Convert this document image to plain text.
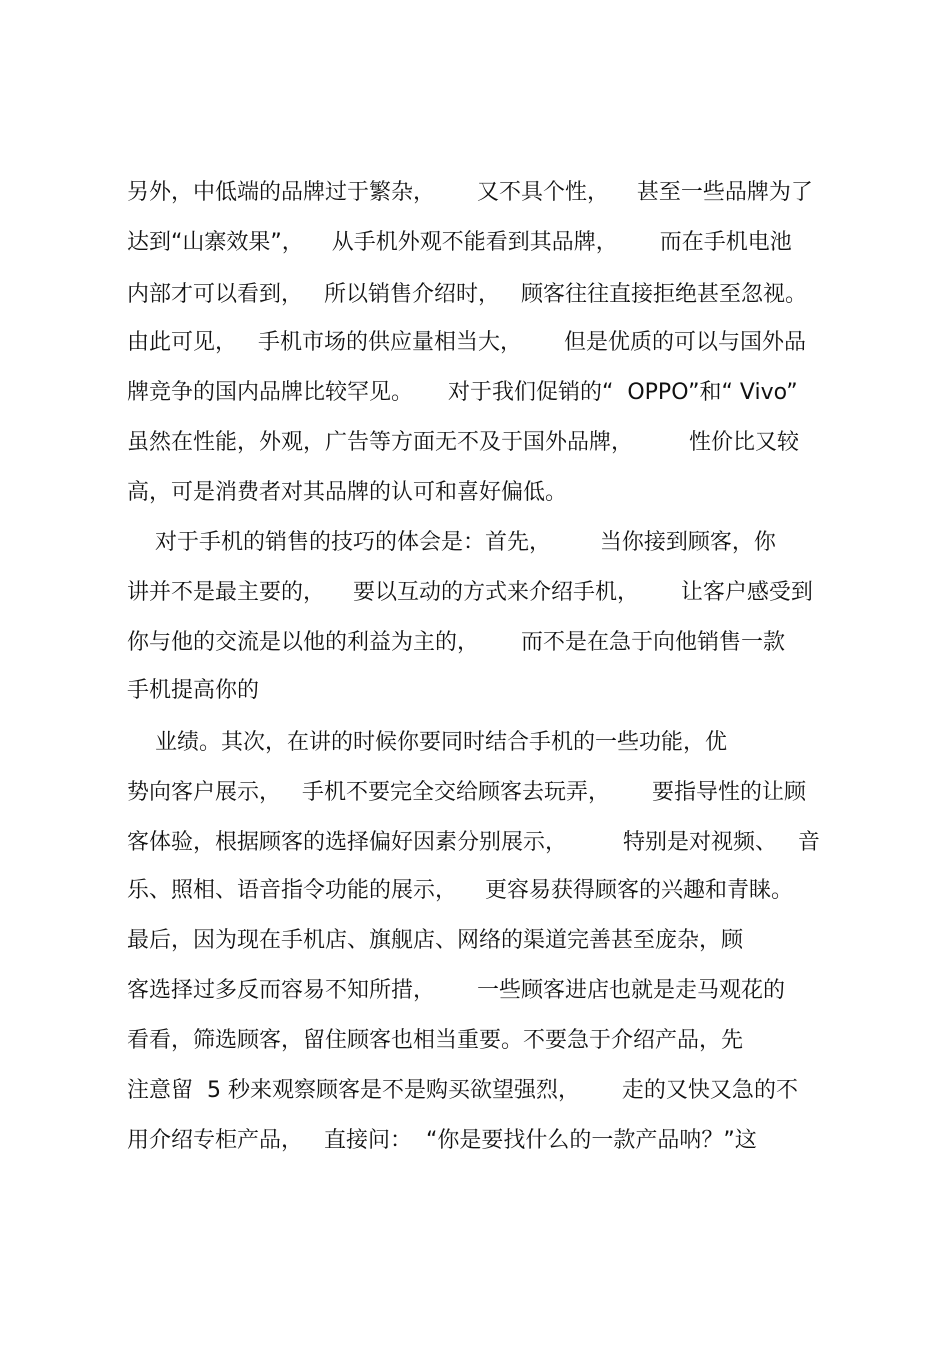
另外，中低端的品牌过于繁杂，      又不具个性，    甚至一些品牌为了

达到“山寨效果”，    从手机外观不能看到其品牌，      而在手机电池

内部才可以看到，   所以销售介绍时，   顾客往往直接拒绝甚至忽视。

由此可见，   手机市场的供应量相当大，      但是优质的可以与国外品

牌竞争的国内品牌比较罕见。     对于我们促销的“  OPPO”和“ Vivo”

虽然在性能，外观，广告等方面无不及于国外品牌，        性价比又较

高，可是消费者对其品牌的认可和喜好偏低。

对于手机的销售的技巧的体会是：首先，       当你接到顾客，你

讲并不是最主要的，    要以互动的方式来介绍手机，      让客户感受到

你与他的交流是以他的利益为主的，      而不是在急于向他销售一款

手机提高你的

业绩。其次，在讲的时候你要同时结合手机的一些功能，优

势向客户展示，   手机不要完全交给顾客去玩弄，      要指导性的让顾

客体验，根据顾客的选择偏好因素分别展示，        特别是对视频、   音

乐、照相、语音指令功能的展示，    更容易获得顾客的兴趣和青睐。

最后，因为现在手机店、旗舰店、网络的渠道完善甚至庞杂，顾

客选择过多反而容易不知所措，      一些顾客进店也就是走马观花的

看看，筛选顾客，留住顾客也相当重要。不要急于介绍产品，先

注意留  5 秒来观察顾客是不是购买欲望强烈，      走的又快又急的不

用介绍专柜产品，   直接问：  “你是要找什么的一款产品呐？”这
